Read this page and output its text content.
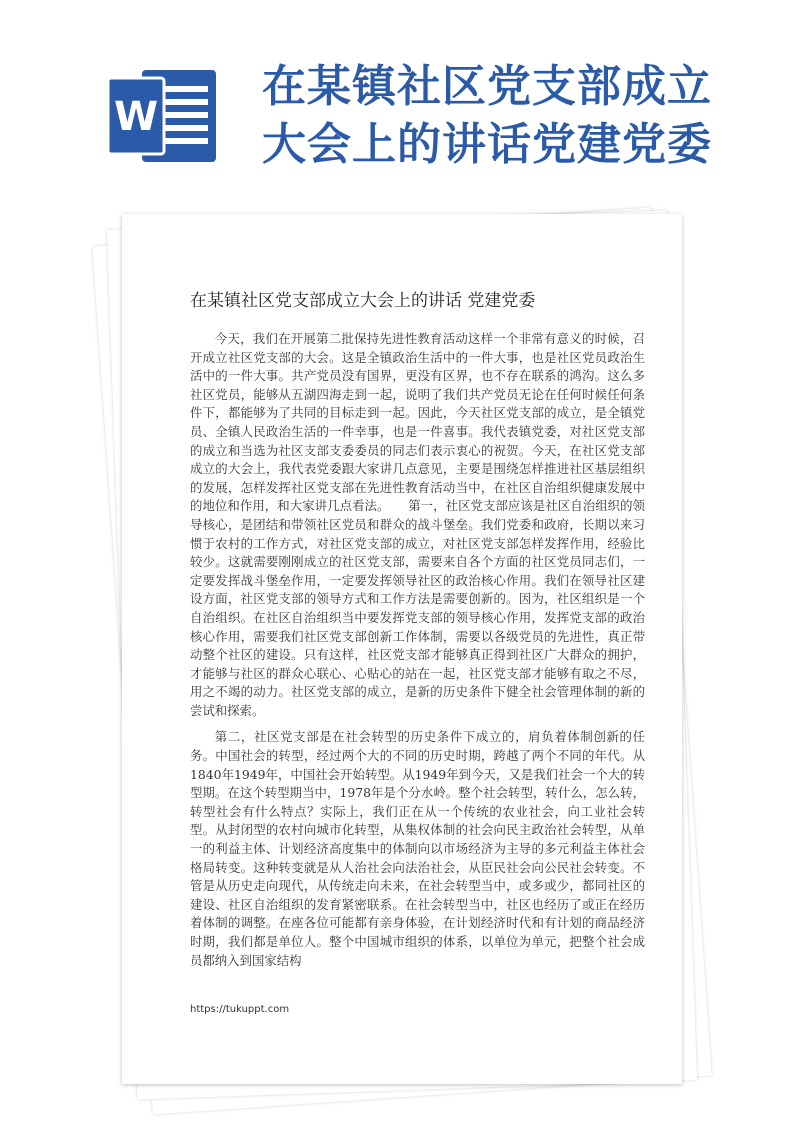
W
在某镇社区党支部成立
大会上的讲话党建党委
在某镇社区党支部成立大会上的讲话 党建党委

今天，我们在开展第二批保持先进性教育活动这样一个非常有意义的时候，召开成立社区党支部的大会。这是全镇政治生活中的一件大事，也是社区党员政治生活中的一件大事。共产党员没有国界，更没有区界，也不存在联系的鸿沟。这么多社区党员，能够从五湖四海走到一起，说明了我们共产党员无论在任何时候任何条件下，都能够为了共同的目标走到一起。因此，今天社区党支部的成立，是全镇党员、全镇人民政治生活的一件幸事，也是一件喜事。我代表镇党委，对社区党支部的成立和当选为社区支部支委委员的同志们表示衷心的祝贺。今天，在社区党支部成立的大会上，我代表党委跟大家讲几点意见，主要是围绕怎样推进社区基层组织的发展，怎样发挥社区党支部在先进性教育活动当中，在社区自治组织健康发展中的地位和作用，和大家讲几点看法。　　第一，社区党支部应该是社区自治组织的领导核心，是团结和带领社区党员和群众的战斗堡垒。我们党委和政府，长期以来习惯于农村的工作方式，对社区党支部的成立，对社区党支部怎样发挥作用，经验比较少。这就需要刚刚成立的社区党支部，需要来自各个方面的社区党员同志们，一定要发挥战斗堡垒作用，一定要发挥领导社区的政治核心作用。我们在领导社区建设方面，社区党支部的领导方式和工作方法是需要创新的。因为，社区组织是一个自治组织。在社区自治组织当中要发挥党支部的领导核心作用，发挥党支部的政治核心作用，需要我们社区党支部创新工作体制，需要以各级党员的先进性，真正带动整个社区的建设。只有这样，社区党支部才能够真正得到社区广大群众的拥护，才能够与社区的群众心联心、心贴心的站在一起，社区党支部才能够有取之不尽，用之不竭的动力。社区党支部的成立，是新的历史条件下健全社会管理体制的新的尝试和探索。

第二，社区党支部是在社会转型的历史条件下成立的，肩负着体制创新的任务。中国社会的转型，经过两个大的不同的历史时期，跨越了两个不同的年代。从1840年1949年，中国社会开始转型。从1949年到今天，又是我们社会一个大的转型期。在这个转型期当中，1978年是个分水岭。整个社会转型，转什么，怎么转，转型社会有什么特点？实际上，我们正在从一个传统的农业社会，向工业社会转型。从封闭型的农村向城市化转型，从集权体制的社会向民主政治社会转型，从单一的利益主体、计划经济高度集中的体制向以市场经济为主导的多元利益主体社会格局转变。这种转变就是从人治社会向法治社会，从臣民社会向公民社会转变。不管是从历史走向现代，从传统走向未来，在社会转型当中，或多或少，都同社区的建设、社区自治组织的发育紧密联系。在社会转型当中，社区也经历了或正在经历着体制的调整。在座各位可能都有亲身体验，在计划经济时代和有计划的商品经济时期，我们都是单位人。整个中国城市组织的体系，以单位为单元，把整个社会成员都纳入到国家结构

https://tukuppt.com
